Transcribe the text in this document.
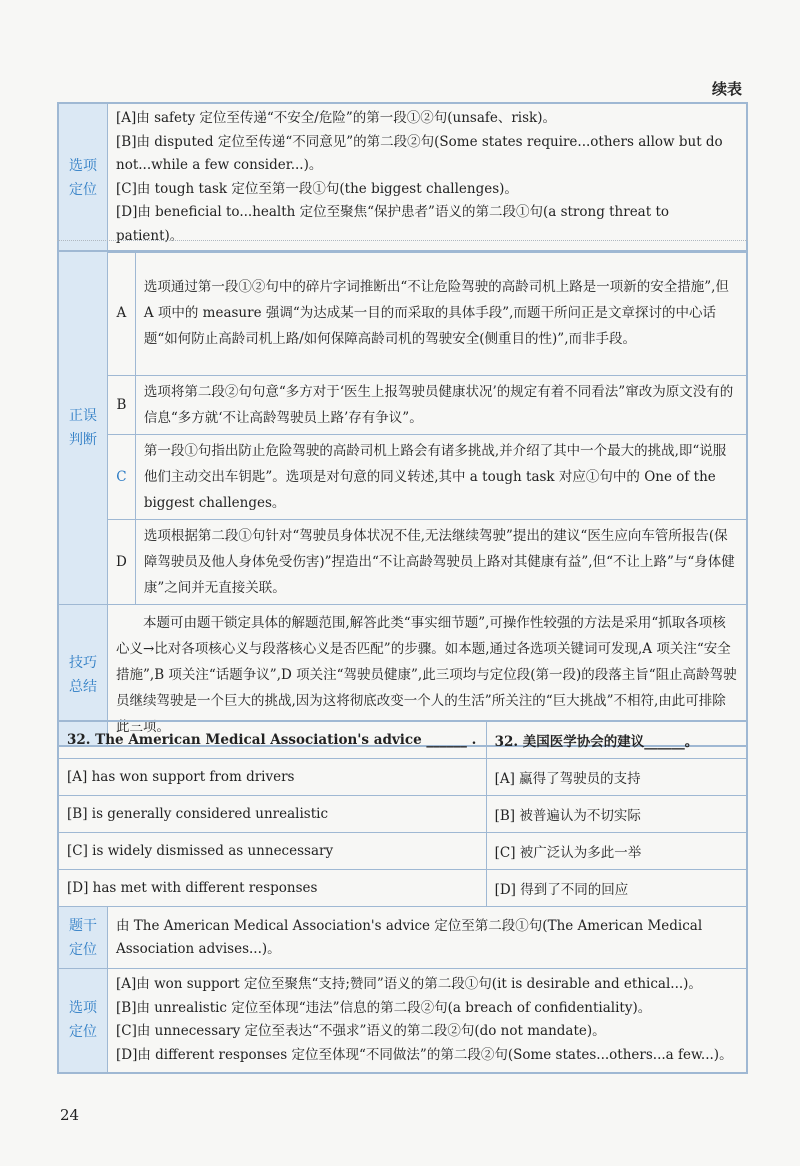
续表
选项定位	

[A]由 safety 定位至传递“不安全/危险”的第一段①②句(unsafe、risk)。

[B]由 disputed 定位至传递“不同意见”的第二段②句(Some states require...others allow but do not...while a few consider...)。

[C]由 tough task 定位至第一段①句(the biggest challenges)。

[D]由 beneficial to...health 定位至聚焦“保护患者”语义的第二段①句(a strong threat to patient)。

正误判断	A	选项通过第一段①②句中的碎片字词推断出“不让危险驾驶的高龄司机上路是一项新的安全措施”,但 A 项中的 measure 强调“为达成某一目的而采取的具体手段”,而题干所问正是文章探讨的中心话题“如何防止高龄司机上路/如何保障高龄司机的驾驶安全(侧重目的性)”,而非手段。
	B	选项将第二段②句句意“多方对于‘医生上报驾驶员健康状况’的规定有着不同看法”窜改为原文没有的信息“多方就‘不让高龄驾驶员上路’存有争议”。
	C	第一段①句指出防止危险驾驶的高龄司机上路会有诸多挑战,并介绍了其中一个最大的挑战,即“说服他们主动交出车钥匙”。选项是对句意的同义转述,其中 a tough task 对应①句中的 One of the biggest challenges。
	D	选项根据第二段①句针对“驾驶员身体状况不佳,无法继续驾驶”提出的建议“医生应向车管所报告(保障驾驶员及他人身体免受伤害)”捏造出“不让高龄驾驶员上路对其健康有益”,但“不让上路”与“身体健康”之间并无直接关联。
技巧总结	本题可由题干锁定具体的解题范围,解答此类“事实细节题”,可操作性较强的方法是采用“抓取各项核心义→比对各项核心义与段落核心义是否匹配”的步骤。如本题,通过各选项关键词可发现,A 项关注“安全措施”,B 项关注“话题争议”,D 项关注“驾驶员健康”,此三项均与定位段(第一段)的段落主旨“阻止高龄驾驶员继续驾驶是一个巨大的挑战,因为这将彻底改变一个人的生活”所关注的“巨大挑战”不相符,由此可排除此三项。	
32. The American Medical Association's advice ______ .		32. 美国医学协会的建议______。
[A] has won support from drivers		[A] 赢得了驾驶员的支持
[B] is generally considered unrealistic		[B] 被普遍认为不切实际
[C] is widely dismissed as unnecessary		[C] 被广泛认为多此一举
[D] has met with different responses		[D] 得到了不同的回应
题干定位	由 The American Medical Association's advice 定位至第二段①句(The American Medical Association advises...)。	
选项定位	[A]由 won support 定位至聚焦“支持;赞同”语义的第二段①句(it is desirable and ethical...)。

[B]由 unrealistic 定位至体现“违法”信息的第二段②句(a breach of confidentiality)。

[C]由 unnecessary 定位至表达“不强求”语义的第二段②句(do not mandate)。

[D]由 different responses 定位至体现“不同做法”的第二段②句(Some states...others...a few...)。	

24
